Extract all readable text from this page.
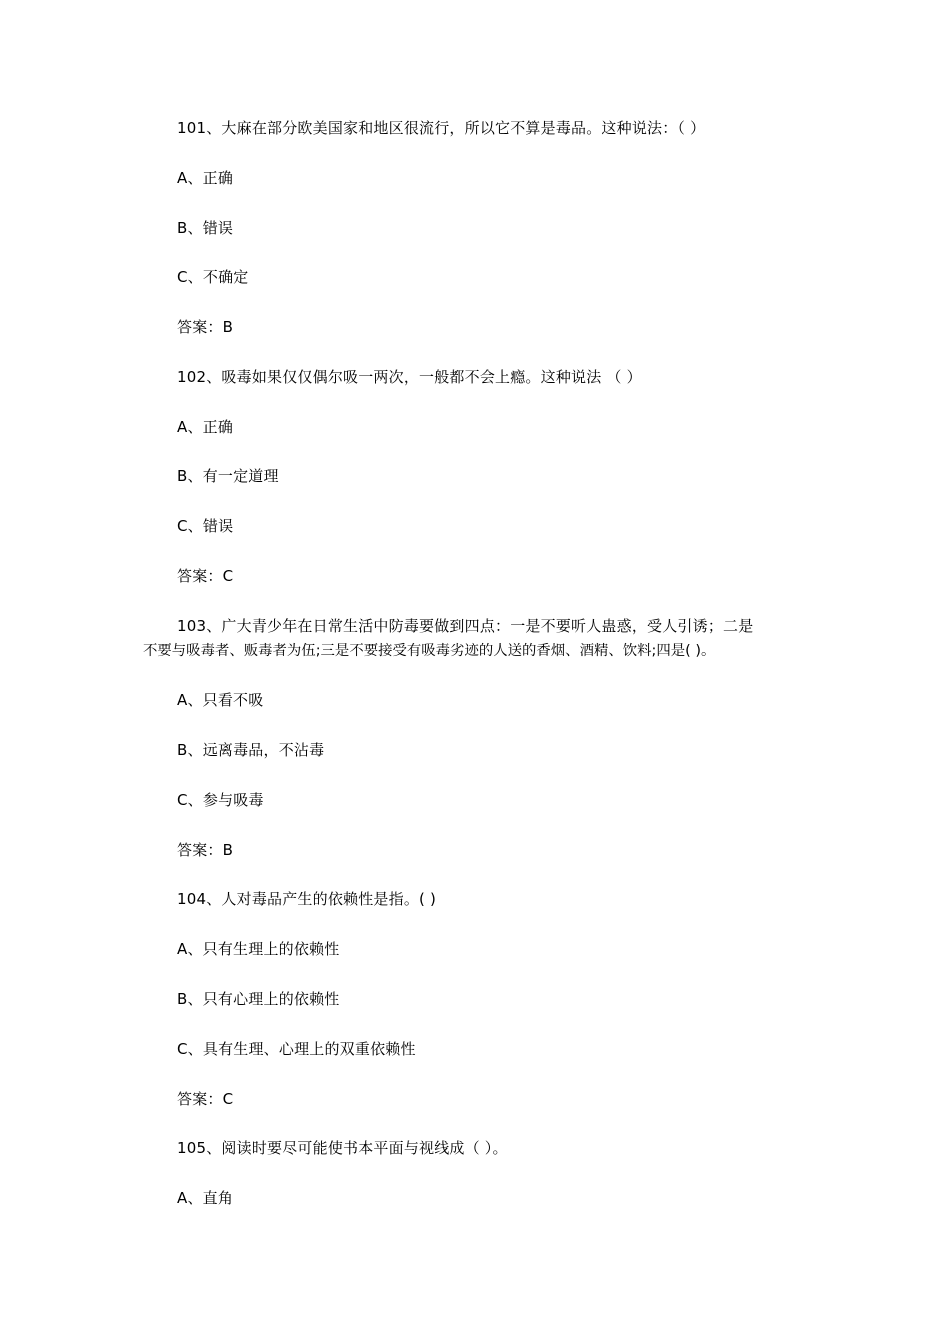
101、大麻在部分欧美国家和地区很流行，所以它不算是毒品。这种说法：（ ）
A、正确
B、错误
C、不确定
答案：B
102、吸毒如果仅仅偶尔吸一两次，一般都不会上瘾。这种说法 （ ）
A、正确
B、有一定道理
C、错误
答案：C
103、广大青少年在日常生活中防毒要做到四点：一是不要听人蛊惑，受人引诱；二是
不要与吸毒者、贩毒者为伍;三是不要接受有吸毒劣迹的人送的香烟、酒精、饮料;四是( )。
A、只看不吸
B、远离毒品，不沾毒
C、参与吸毒
答案：B
104、人对毒品产生的依赖性是指。( )
A、只有生理上的依赖性
B、只有心理上的依赖性
C、具有生理、心理上的双重依赖性
答案：C
105、阅读时要尽可能使书本平面与视线成（ ）。
A、直角
